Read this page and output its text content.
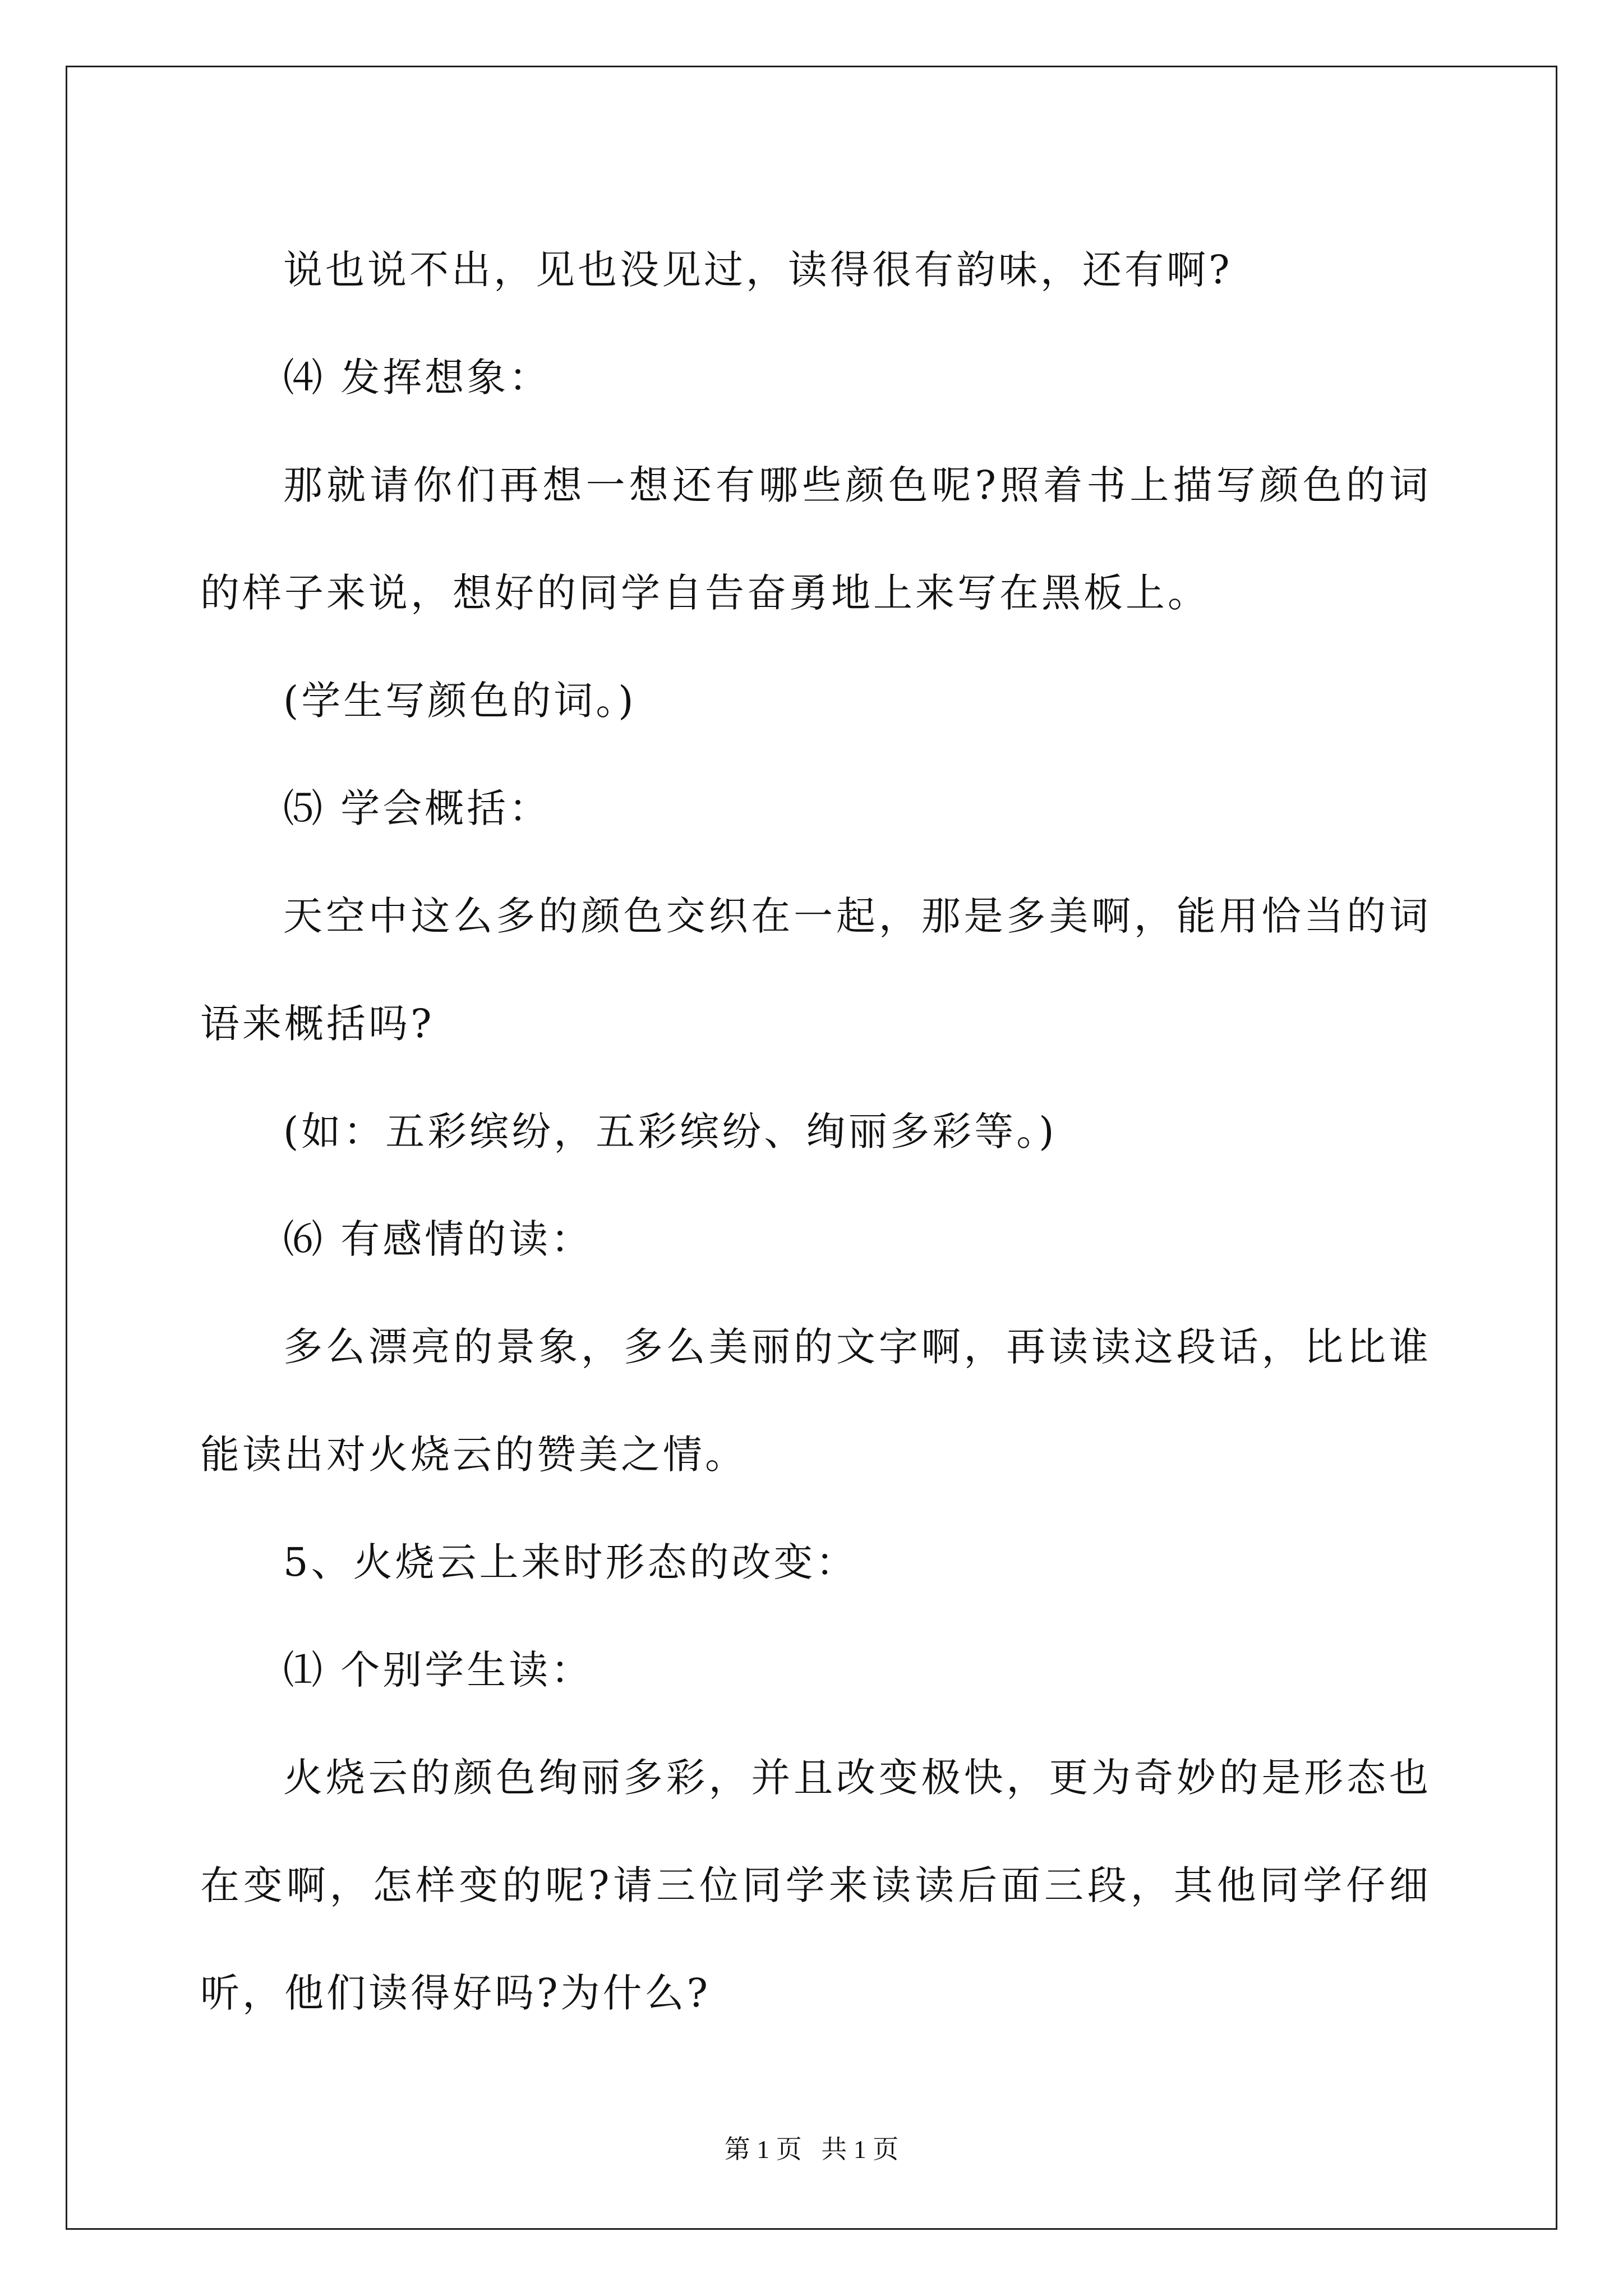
说也说不出，见也没见过，读得很有韵味，还有啊?

⑷ 发挥想象：

那就请你们再想一想还有哪些颜色呢?照着书上描写颜色的词的样子来说，想好的同学自告奋勇地上来写在黑板上。

(学生写颜色的词。)

⑸ 学会概括：

天空中这么多的颜色交织在一起，那是多美啊，能用恰当的词语来概括吗?

(如：五彩缤纷，五彩缤纷、绚丽多彩等。)

⑹ 有感情的读：

多么漂亮的景象，多么美丽的文字啊，再读读这段话，比比谁能读出对火烧云的赞美之情。

5、火烧云上来时形态的改变：

⑴ 个别学生读：

火烧云的颜色绚丽多彩，并且改变极快，更为奇妙的是形态也在变啊，怎样变的呢?请三位同学来读读后面三段，其他同学仔细听，他们读得好吗?为什么?

第 1 页   共 1 页
